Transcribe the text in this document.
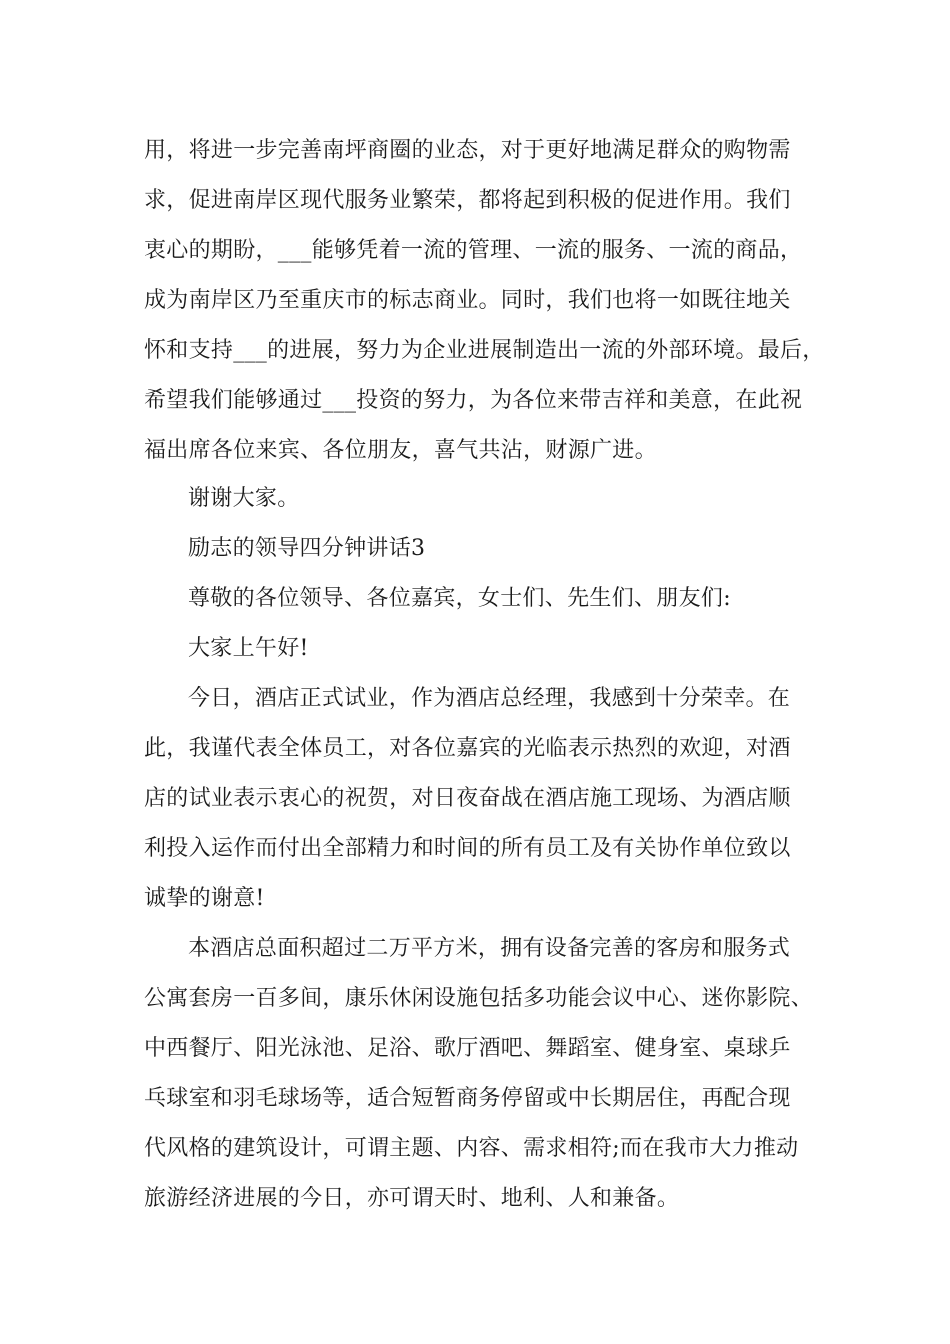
用，将进一步完善南坪商圈的业态，对于更好地满足群众的购物需
求，促进南岸区现代服务业繁荣，都将起到积极的促进作用。我们
衷心的期盼，___能够凭着一流的管理、一流的服务、一流的商品，
成为南岸区乃至重庆市的标志商业。同时，我们也将一如既往地关
怀和支持___的进展，努力为企业进展制造出一流的外部环境。最后，
希望我们能够通过___投资的努力，为各位来带吉祥和美意，在此祝
福出席各位来宾、各位朋友，喜气共沾，财源广进。
谢谢大家。
励志的领导四分钟讲话3
尊敬的各位领导、各位嘉宾，女士们、先生们、朋友们:
大家上午好!
今日，酒店正式试业，作为酒店总经理，我感到十分荣幸。在
此，我谨代表全体员工，对各位嘉宾的光临表示热烈的欢迎，对酒
店的试业表示衷心的祝贺，对日夜奋战在酒店施工现场、为酒店顺
利投入运作而付出全部精力和时间的所有员工及有关协作单位致以
诚挚的谢意!
本酒店总面积超过二万平方米，拥有设备完善的客房和服务式
公寓套房一百多间，康乐休闲设施包括多功能会议中心、迷你影院、
中西餐厅、阳光泳池、足浴、歌厅酒吧、舞蹈室、健身室、桌球乒
乓球室和羽毛球场等，适合短暂商务停留或中长期居住，再配合现
代风格的建筑设计，可谓主题、内容、需求相符;而在我市大力推动
旅游经济进展的今日，亦可谓天时、地利、人和兼备。
